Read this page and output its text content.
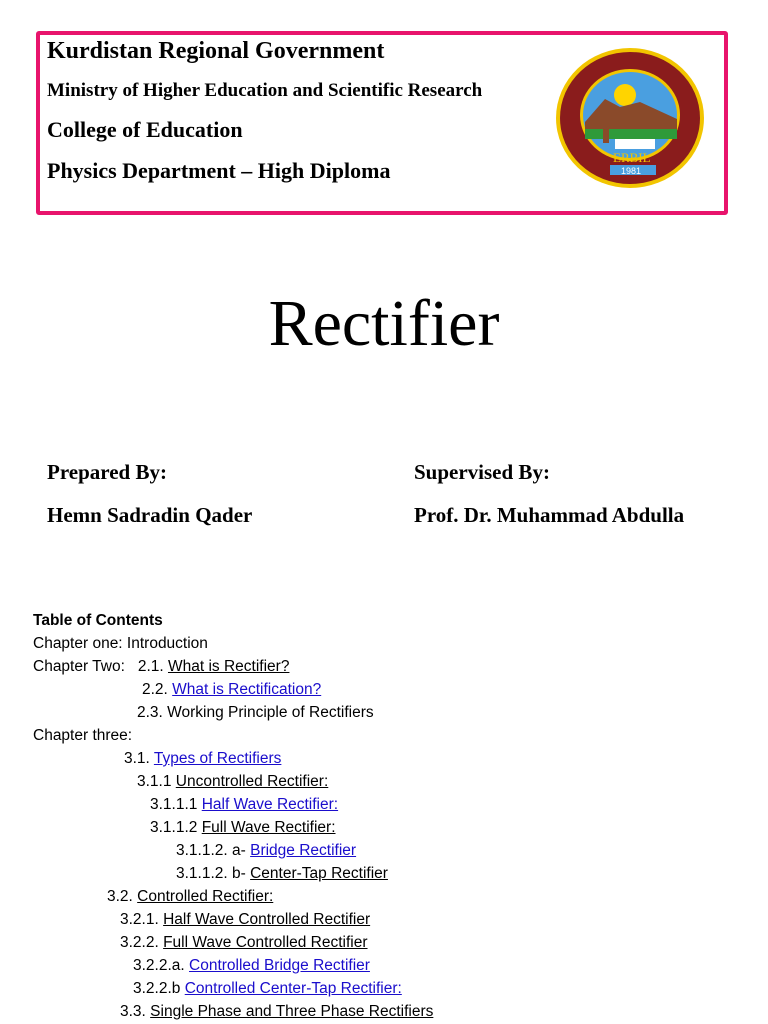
Kurdistan Regional Government
Ministry of Higher Education and Scientific Research
College of Education
Physics Department – High Diploma
ERBIL
1981
Rectifier
Prepared By:
Hemn Sadradin Qader
Supervised By:
Prof. Dr. Muhammad Abdulla
Table of Contents
Chapter one: Introduction
Chapter Two:   2.1. What is Rectifier?
2.2. What is Rectification?
2.3. Working Principle of Rectifiers
Chapter three:
3.1. Types of Rectifiers
3.1.1 Uncontrolled Rectifier:
3.1.1.1 Half Wave Rectifier:
3.1.1.2 Full Wave Rectifier:
3.1.1.2. a- Bridge Rectifier
3.1.1.2. b- Center-Tap Rectifier
3.2. Controlled Rectifier:
3.2.1. Half Wave Controlled Rectifier
3.2.2. Full Wave Controlled Rectifier
3.2.2.a. Controlled Bridge Rectifier
3.2.2.b Controlled Center-Tap Rectifier:
3.3. Single Phase and Three Phase Rectifiers
